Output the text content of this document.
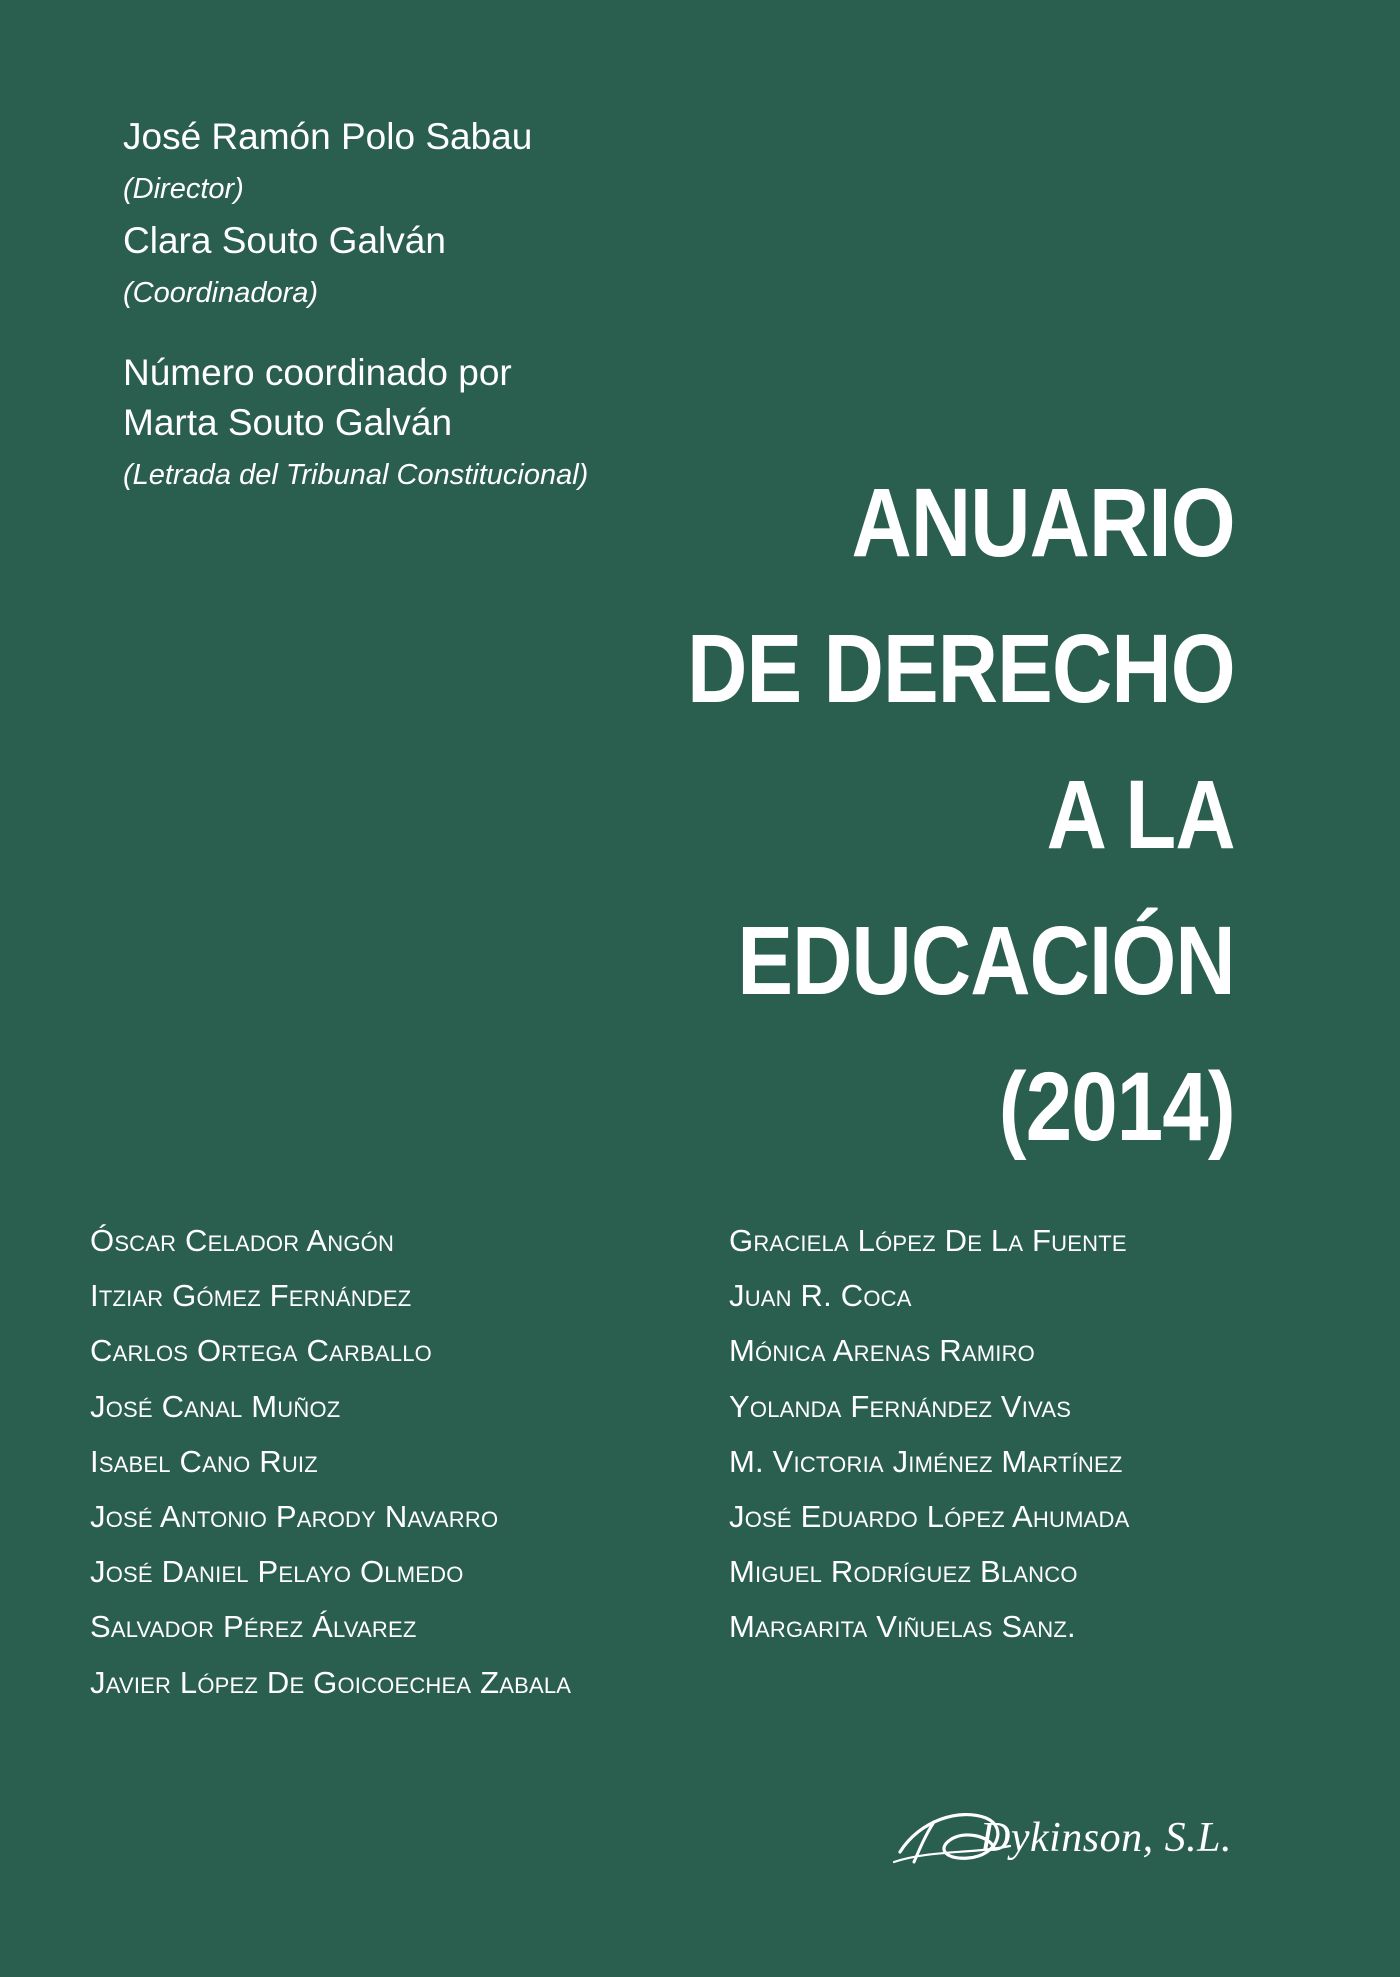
José Ramón Polo Sabau

(Director)

Clara Souto Galván

(Coordinadora)

Número coordinado por

Marta Souto Galván

(Letrada del Tribunal Constitucional)	ANUARIO

DE DERECHO

A LA

EDUCACIÓN

(2014)

Óscar Celador Angón

Itziar Gómez Fernández

Carlos Ortega Carballo

José Canal Muñoz

Isabel Cano Ruiz

José Antonio Parody Navarro

José Daniel Pelayo Olmedo

Salvador Pérez Álvarez

Javier López De Goicoechea Zabala

Graciela López De La Fuente

Juan R. Coca

Mónica Arenas Ramiro

Yolanda Fernández Vivas

M. Victoria Jiménez Martínez

José Eduardo López Ahumada

Miguel Rodríguez Blanco

Margarita Viñuelas Sanz.

Dykinson, S.L.
